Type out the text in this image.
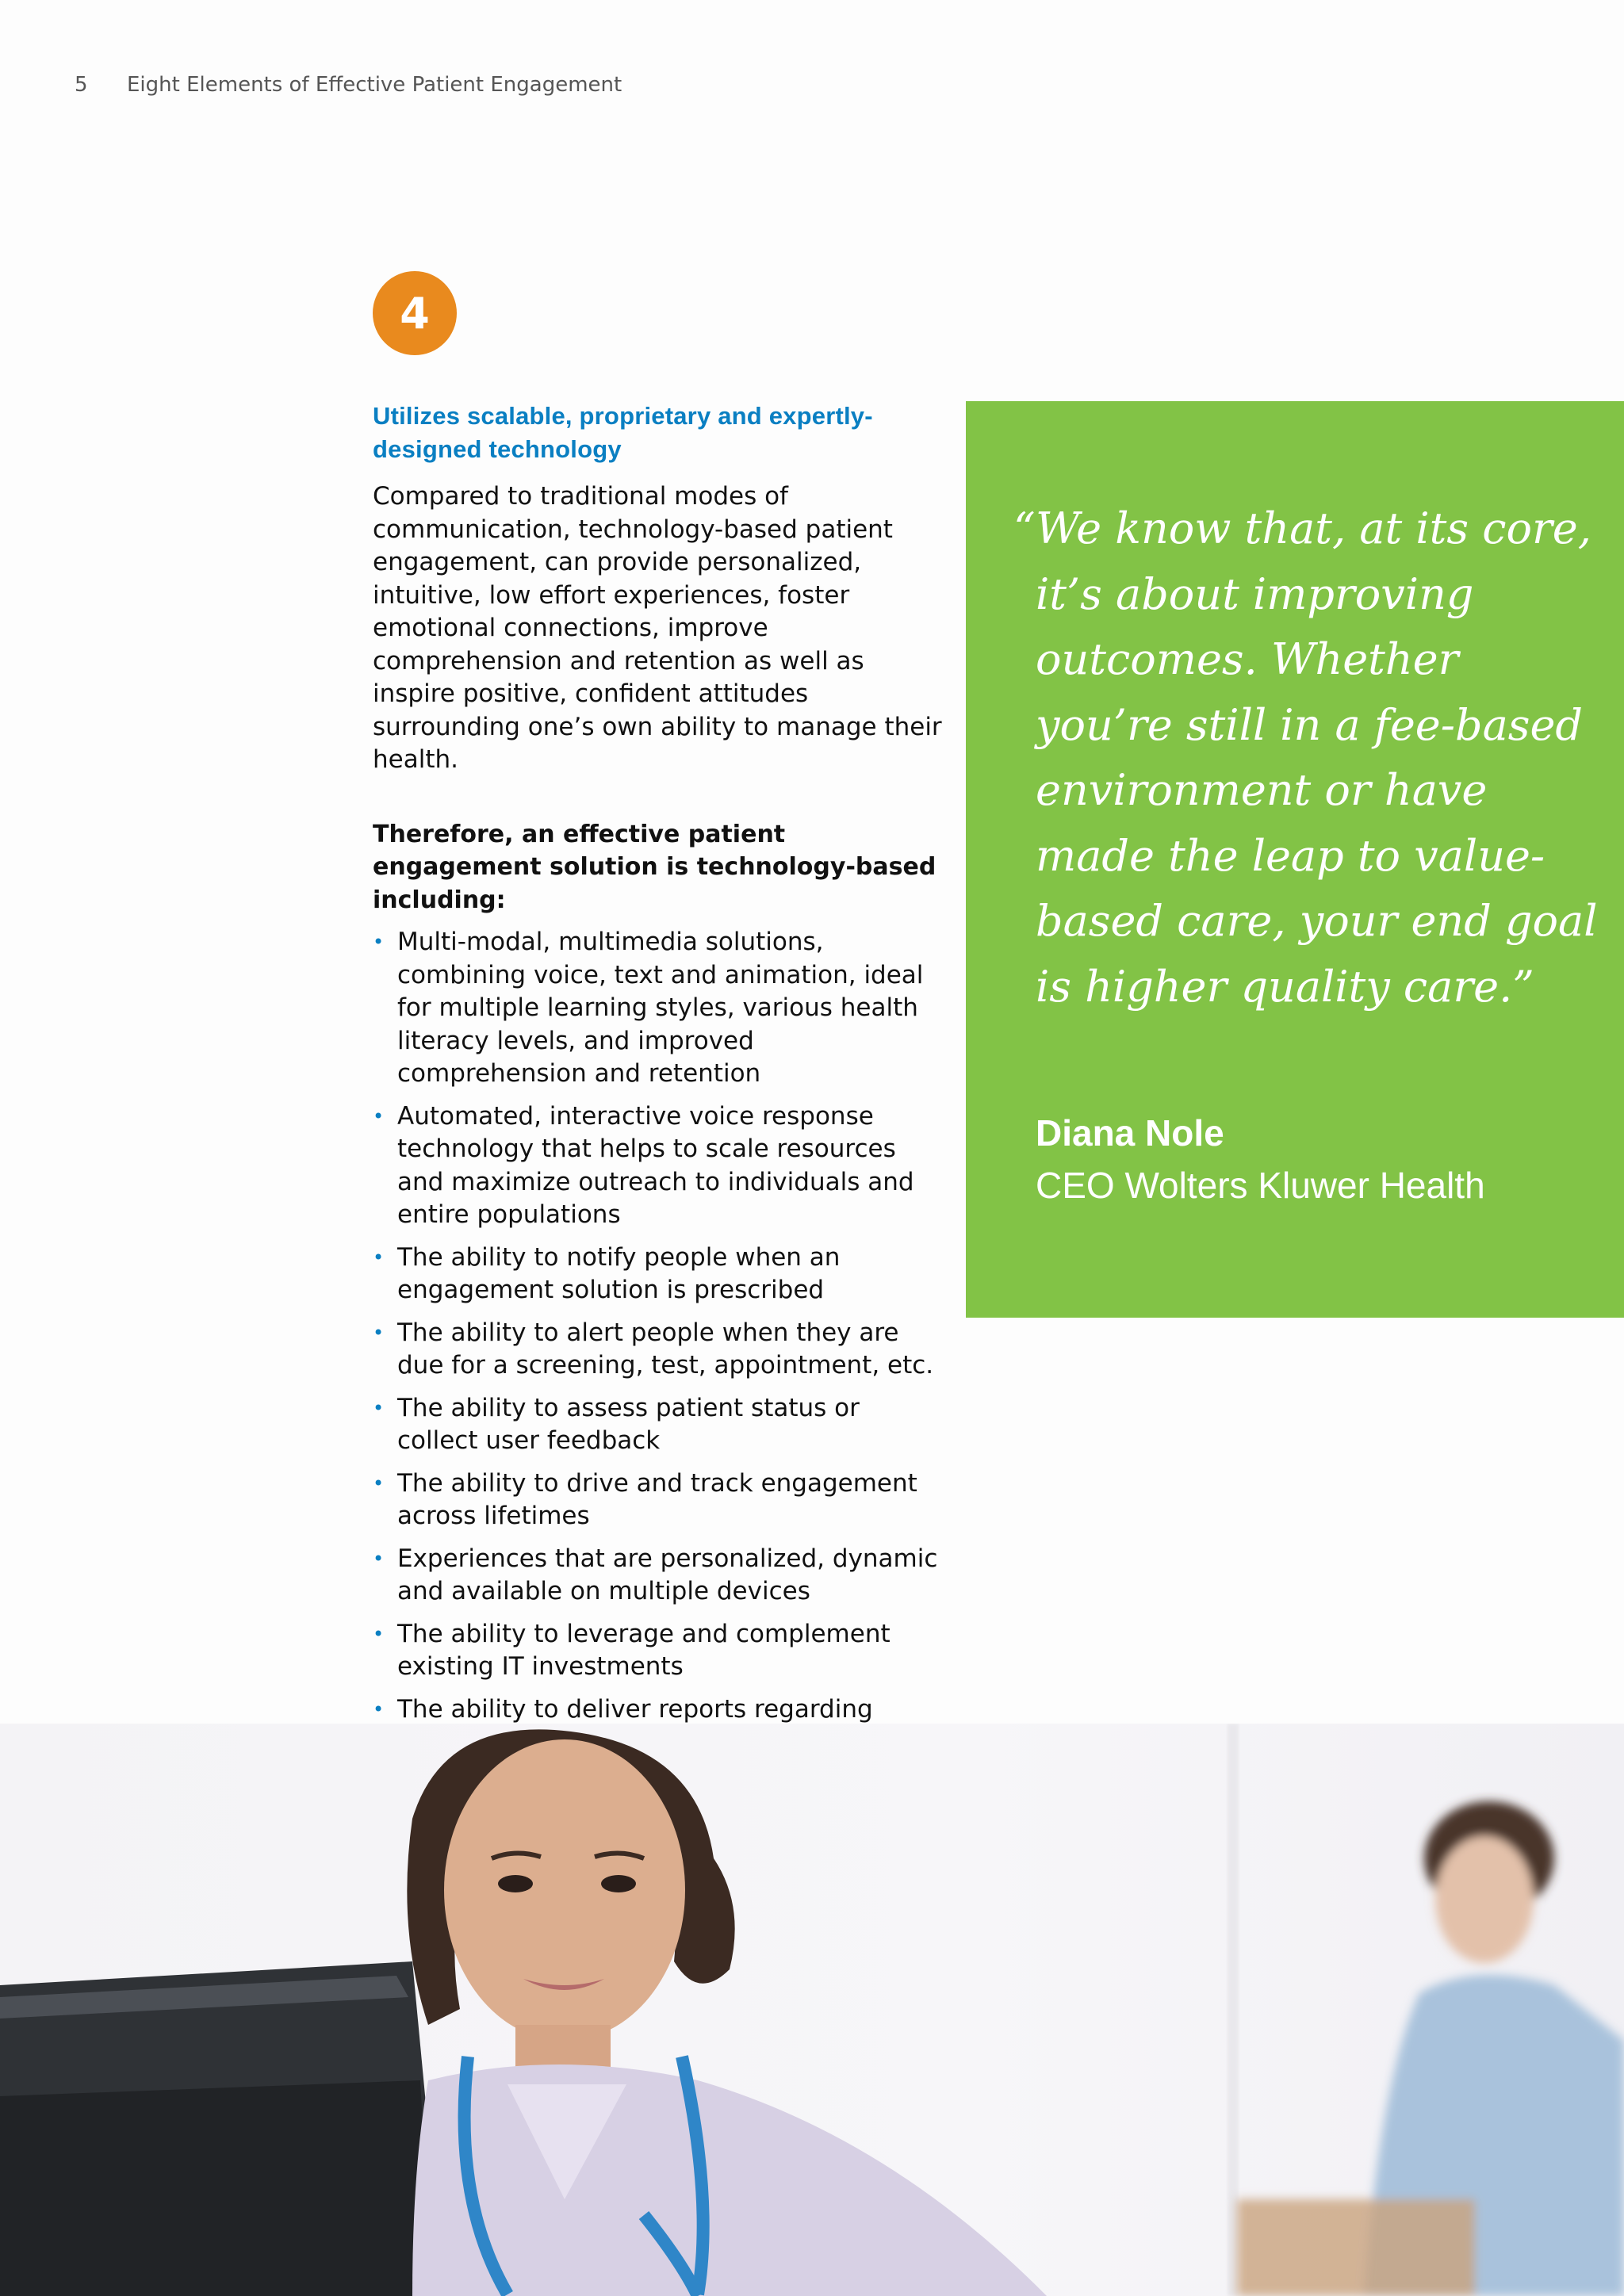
5 Eight Elements of Effective Patient Engagement
4

Utilizes scalable, proprietary and expertly-designed technology

Compared to traditional modes of communication, technology-based patient engagement, can provide personalized, intuitive, low effort experiences, foster emotional connections, improve comprehension and retention as well as inspire positive, confident attitudes surrounding one’s own ability to manage their health.

Therefore, an effective patient engagement solution is technology-based including:

• Multi-modal, multimedia solutions, combining voice, text and animation, ideal for multiple learning styles, various health literacy levels, and improved comprehension and retention
• Automated, interactive voice response technology that helps to scale resources and maximize outreach to individuals and entire populations
• The ability to notify people when an engagement solution is prescribed
• The ability to alert people when they are due for a screening, test, appointment, etc.
• The ability to assess patient status or collect user feedback
• The ability to drive and track engagement across lifetimes
• Experiences that are personalized, dynamic and available on multiple devices
• The ability to leverage and complement existing IT investments
• The ability to deliver reports regarding
“ We know that, at its core, it’s about improving outcomes. Whether you’re still in a fee-based environment or have made the leap to value-based care, your end goal is higher quality care.”
Diana Nole
CEO Wolters Kluwer Health
